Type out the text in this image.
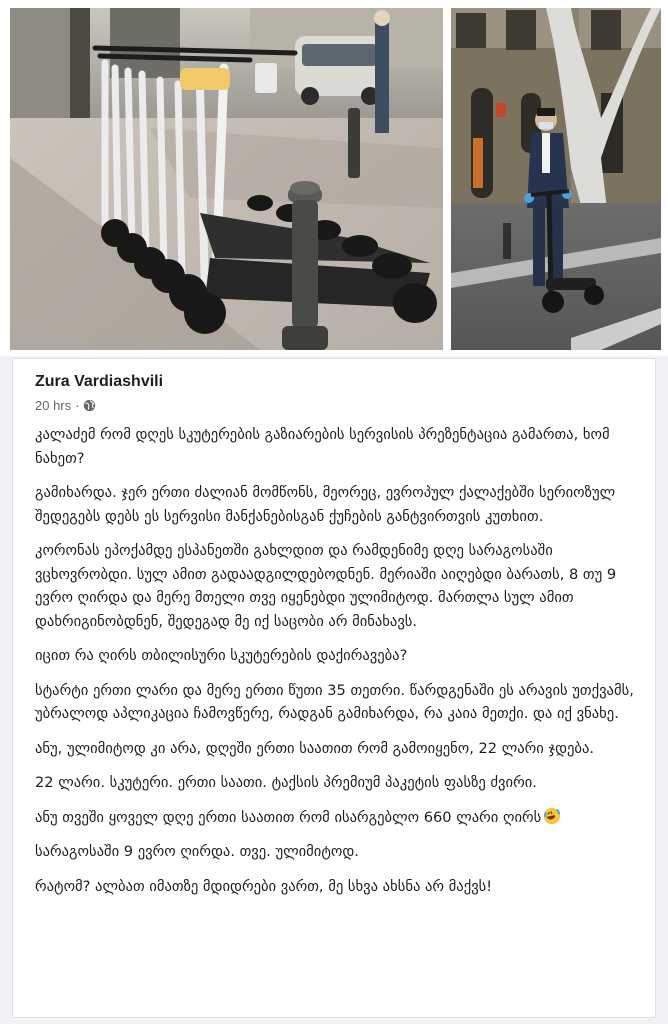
Zura Vardiashvili
20 hrs ·

კალაძემ რომ დღეს სკუტერების გაზიარების სერვისის პრეზენტაცია გამართა, ხომ ნახეთ?

გამიხარდა. ჯერ ერთი ძალიან მომწონს, მეორეც, ევროპულ ქალაქებში სერიოზულ შედეგებს დებს ეს სერვისი მანქანებისგან ქუჩების განტვირთვის კუთხით.

კორონას ეპოქამდე ესპანეთში გახლდით და რამდენიმე დღე სარაგოსაში ვცხოვრობდი. სულ ამით გადაადგილდებოდნენ. მერიაში აიღებდი ბარათს, 8 თუ 9 ევრო ღირდა და მერე მთელი თვე იყენებდი ულიმიტოდ. მართლა სულ ამით დახრიგინობდნენ, შედეგად მე იქ საცობი არ მინახავს.

იცით რა ღირს თბილისური სკუტერების დაქირავება?

სტარტი ერთი ლარი და მერე ერთი წუთი 35 თეთრი. წარდგენაში ეს არავის უთქვამს, უბრალოდ აპლიკაცია ჩამოვწერე, რადგან გამიხარდა, რა კაია მეთქი. და იქ ვნახე.

ანუ, ულიმიტოდ კი არა, დღეში ერთი საათით რომ გამოიყენო, 22 ლარი ჯდება.

22 ლარი. სკუტერი. ერთი საათი. ტაქსის პრემიუმ პაკეტის ფასზე ძვირი.

ანუ თვეში ყოველ დღე ერთი საათით რომ ისარგებლო 660 ლარი ღირს

სარაგოსაში 9 ევრო ღირდა. თვე. ულიმიტოდ.

რატომ? ალბათ იმათზე მდიდრები ვართ, მე სხვა ახსნა არ მაქვს!
